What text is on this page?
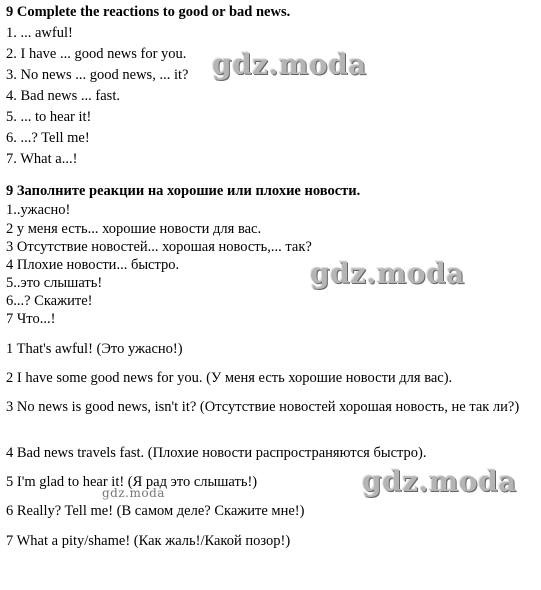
9 Complete the reactions to good or bad news.
1. ... awful!
2. I have ... good news for you.
3. No news ... good news, ... it?
4. Bad news ... fast.
5. ... to hear it!
6. ...? Tell me!
7. What a...!
9 Заполните реакции на хорошие или плохие новости.
1..ужасно!
2 у меня есть... хорошие новости для вас.
3 Отсутствие новостей... хорошая новость,... так?
4 Плохие новости... быстро.
5..это слышать!
6...? Скажите!
7 Что...!
1 That's awful! (Это ужасно!)
2 I have some good news for you. (У меня есть хорошие новости для вас).
3 No news is good news, isn't it? (Отсутствие новостей хорошая новость, не так ли?)
4 Bad news travels fast. (Плохие новости распространяются быстро).
5 I'm glad to hear it! (Я рад это слышать!)
6 Really? Tell me! (В самом деле? Скажите мне!)
7 What a pity/shame! (Как жаль!/Какой позор!)
gdz.moda
gdz.moda
gdz.moda
gdz.moda
